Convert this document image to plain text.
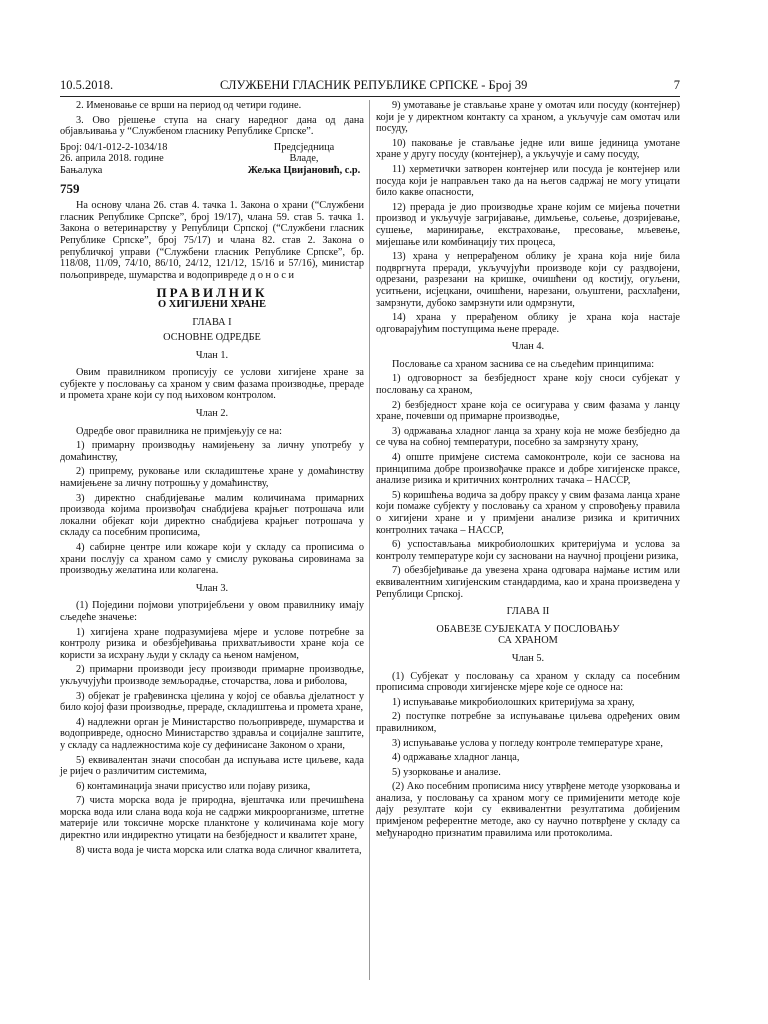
10.5.2018.	СЛУЖБЕНИ ГЛАСНИК РЕПУБЛИКЕ СРПСКЕ - Број 39	7

2. Именовање се врши на период од четири године.

3. Ово рјешење ступа на снагу наредног дана од дана објављивања у “Службеном гласнику Републике Српске”.

Број: 04/1-012-2-1034/18
26. априла 2018. године
Бањалука
Предсједница
Владе,
Жељка Цвијановић, с.р.
759

На основу члана 26. став 4. тачка 1. Закона о храни (“Службени гласник Републике Српске”, број 19/17), члана 59. став 5. тачка 1. Закона о ветеринарству у Републици Српској (“Службени гласник Републике Српске”, број 75/17) и члана 82. став 2. Закона о републичкој управи (“Службени гласник Републике Српске”, бр. 118/08, 11/09, 74/10, 86/10, 24/12, 121/12, 15/16 и 57/16), министар пољопривреде, шумарства и водопривреде д о н о с и

ПРАВИЛНИК
О ХИГИЈЕНИ ХРАНЕ
ГЛАВА I
ОСНОВНЕ ОДРЕДБЕ
Члан 1.

Овим правилником прописују се услови хигијене хране за субјекте у пословању са храном у свим фазама производње, прераде и промета хране који су под њиховом контролом.

Члан 2.

Одредбе овог правилника не примјењују се на:

1) примарну производњу намијењену за личну употребу у домаћинству,

2) припрему, руковање или складиштење хране у домаћинству намијењене за личну потрошњу у домаћинству,

3) директно снабдијевање малим количинама примарних производа којима произвођач снабдијева крајњег потрошача или локални објекат који директно снабдијева крајњег потрошача у складу са посебним прописима,

4) сабирне центре или кожаре који у складу са прописима о храни послују са храном само у смислу руковања сировинама за производњу желатина или колагена.

Члан 3.

(1) Поједини појмови употријебљени у овом правилнику имају сљедеће значење:

1) хигијена хране подразумијева мјере и услове потребне за контролу ризика и обезбјеђивања прихватљивости хране која се користи за исхрану људи у складу са њеном намјеном,

2) примарни производи јесу производи примарне производње, укључујући производе земљорадње, сточарства, лова и риболова,

3) објекат је грађевинска цјелина у којој се обавља дјелатност у било којој фази производње, прераде, складиштења и промета хране,

4) надлежни орган је Министарство пољопривреде, шумарства и водопривреде, односно Министарство здравља и социјалне заштите, у складу са надлежностима које су дефинисане Законом о храни,

5) еквивалентан значи способан да испуњава исте циљеве, када је ријеч о различитим системима,

6) контаминација значи присуство или појаву ризика,

7) чиста морска вода је природна, вјештачка или пречишћена морска вода или слана вода која не садржи микроорганизме, штетне материје или токсичне морске планктоне у количинама које могу директно или индиректно утицати на безбједност и квалитет хране,

8) чиста вода је чиста морска или слатка вода сличног квалитета,

9) умотавање је стављање хране у омотач или посуду (контејнер) који је у директном контакту са храном, а укључује сам омотач или посуду,

10) паковање је стављање једне или више јединица умотане хране у другу посуду (контејнер), а укључује и саму посуду,

11) херметички затворен контејнер или посуда је контејнер или посуда који је направљен тако да на његов садржај не могу утицати било какве опасности,

12) прерада је дио производње хране којим се мијења почетни производ и укључује загријавање, димљење, сољење, дозријевање, сушење, маринирање, екстраховање, пресовање, мљевење, мијешање или комбинацију тих процеса,

13) храна у непрерађеном облику је храна која није била подвргнута преради, укључујући производе који су раздвојени, одрезани, разрезани на кришке, очишћени од костију, огуљени, уситњени, исјецкани, очишћени, нарезани, ољуштени, расхлађени, замрзнути, дубоко замрзнути или одмрзнути,

14) храна у прерађеном облику је храна која настаје одговарајућим поступцима њене прераде.

Члан 4.

Пословање са храном заснива се на сљедећим принципима:

1) одговорност за безбједност хране коју сноси субјекат у пословању са храном,

2) безбједност хране која се осигурава у свим фазама у ланцу хране, почевши од примарне производње,

3) одржавања хладног ланца за храну која не може безбједно да се чува на собној температури, посебно за замрзнуту храну,

4) опште примјене система самоконтроле, који се заснова на принципима добре произвођачке праксе и добре хигијенске праксе, анализе ризика и критичних контролних тачака – HACCP,

5) коришћења водича за добру праксу у свим фазама ланца хране који помаже субјекту у пословању са храном у спровођењу правила о хигијени хране и у примјени анализе ризика и критичних контролних тачака – HACCP,

6) успостављања микробиолошких критеријума и услова за контролу температуре који су засновани на научној процјени ризика,

7) обезбјеђивање да увезена храна одговара најмање истим или еквивалентним хигијенским стандардима, као и храна произведена у Републици Српској.

ГЛАВА II
ОБАВЕЗЕ СУБЈЕКАТА У ПОСЛОВАЊУ
СА ХРАНОМ
Члан 5.

(1) Субјекат у пословању са храном у складу са посебним прописима спроводи хигијенске мјере које се односе на:

1) испуњавање микробиолошких критеријума за храну,

2) поступке потребне за испуњавање циљева одређених овим правилником,

3) испуњавање услова у погледу контроле температуре хране,

4) одржавање хладног ланца,

5) узорковање и анализе.

(2) Ако посебним прописима нису утврђене методе узорковања и анализа, у пословању са храном могу се примијенити методе које дају резултате који су еквивалентни резултатима добијеним примјеном референтне методе, ако су научно потврђене у складу са међународно признатим правилима или протоколима.
